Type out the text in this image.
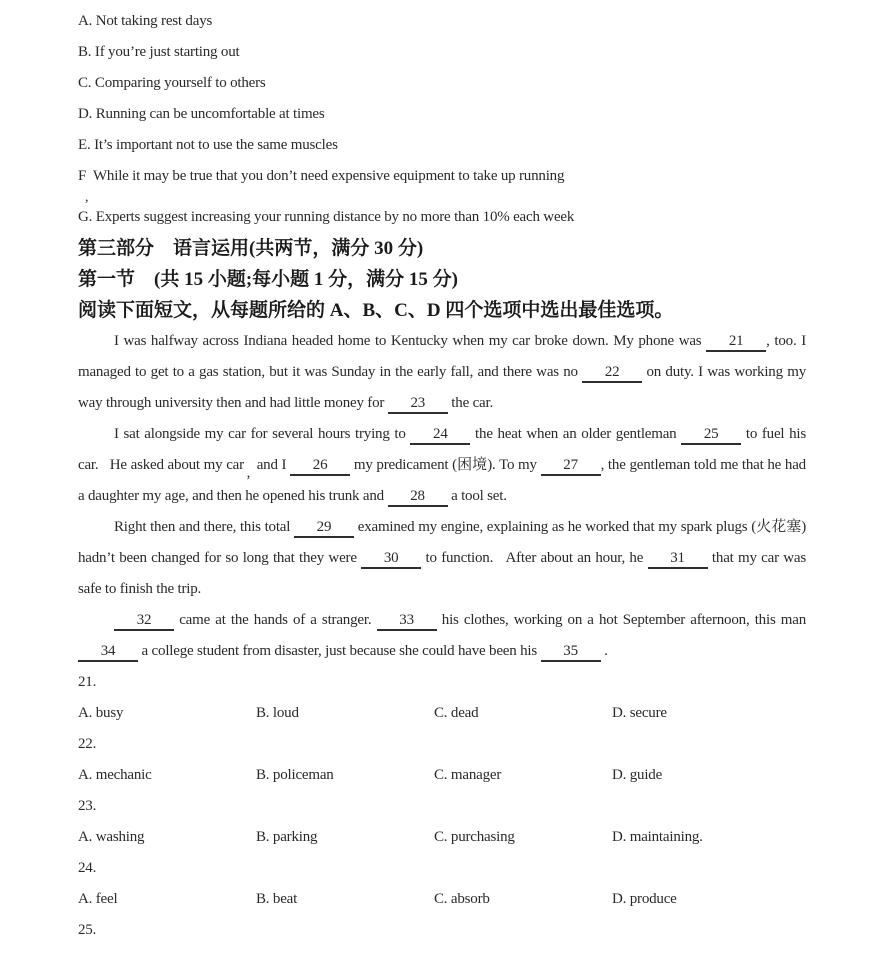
A. Not taking rest days
B. If you’re just starting out
C. Comparing yourself to others
D. Running can be uncomfortable at times
E. It’s important not to use the same muscles
F  While it may be true that you don’t need expensive equipment to take up running
,
G. Experts suggest increasing your running distance by no more than 10% each week
第三部分　语言运用(共两节，满分 30 分)
第一节　(共 15 小题;每小题 1 分，满分 15 分)
阅读下面短文，从每题所给的 A、B、C、D 四个选项中选出最佳选项。

I was halfway across Indiana headed home to Kentucky when my car broke down. My phone was 21 , too. I managed to get to a gas station, but it was Sunday in the early fall, and there was no 22 on duty. I was working my way through university then and had little money for 23 the car.

I sat alongside my car for several hours trying to 24 the heat when an older gentleman 25 to fuel his car.   He asked about my car , and I 26 my predicament (困境). To my 27 , the gentleman told me that he had a daughter my age, and then he opened his trunk and 28 a tool set.

Right then and there, this total 29 examined my engine, explaining as he worked that my spark plugs (火花塞) hadn’t been changed for so long that they were 30 to function.   After about an hour, he 31 that my car was safe to finish the trip.

32 came at the hands of a stranger. 33 his clothes, working on a hot September afternoon, this man 34 a college student from disaster, just because she could have been his 35 .

21.
A. busy	B. loud	C. dead	D. secure
22.
A. mechanic	B. policeman	C. manager	D. guide
23.
A. washing	B. parking	C. purchasing	D. maintaining.
24.
A. feel	B. beat	C. absorb	D. produce
25.
